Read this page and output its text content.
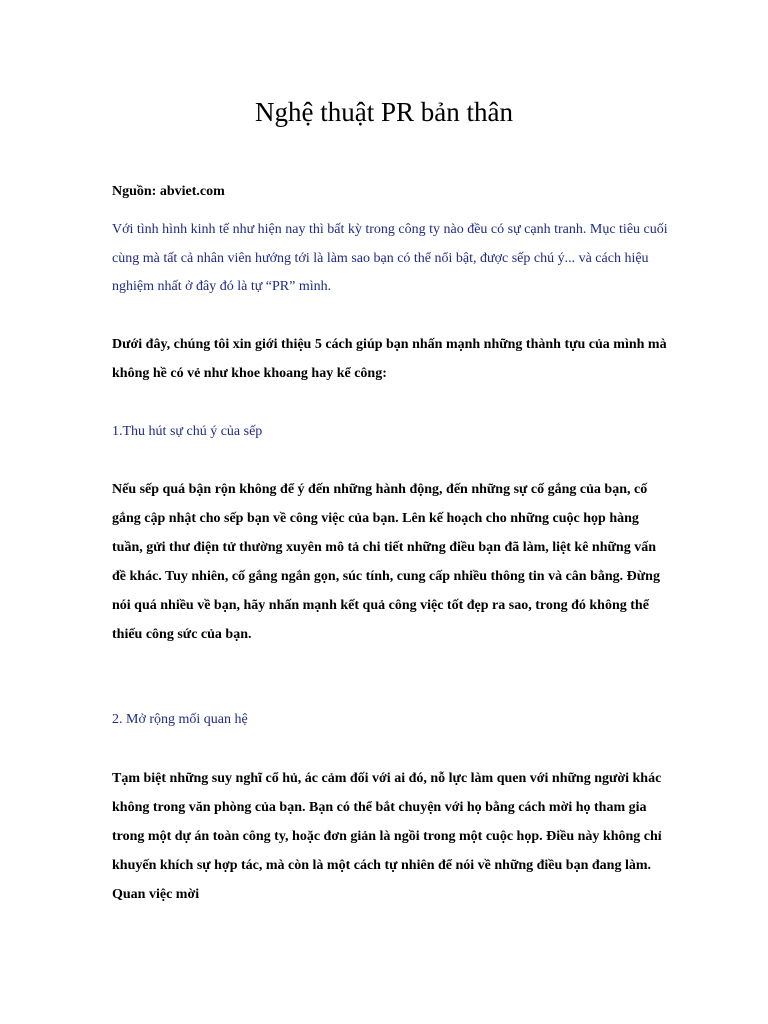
Nghệ thuật PR bản thân

Nguồn: abviet.com

Với tình hình kinh tế như hiện nay thì bất kỳ trong công ty nào đều có sự cạnh tranh. Mục tiêu cuối cùng mà tất cả nhân viên hướng tới là làm sao bạn có thể nổi bật, được sếp chú ý... và cách hiệu nghiệm nhất ở đây đó là tự “PR” mình.

Dưới đây, chúng tôi xin giới thiệu 5 cách giúp bạn nhấn mạnh những thành tựu của mình mà không hề có vẻ như khoe khoang hay kể công:

1.Thu hút sự chú ý của sếp

Nếu sếp quá bận rộn không để ý đến những hành động, đến những sự cố gắng của bạn, cố gắng cập nhật cho sếp bạn về công việc của bạn. Lên kế hoạch cho những cuộc họp hàng tuần, gửi thư điện tử thường xuyên mô tả chi tiết những điều bạn đã làm, liệt kê những vấn đề khác. Tuy nhiên, cố gắng ngắn gọn, súc tính, cung cấp nhiều thông tin và cân bằng. Đừng nói quá nhiều về bạn, hãy nhấn mạnh kết quả công việc tốt đẹp ra sao, trong đó không thể thiếu công sức của bạn.

2. Mở rộng mối quan hệ

Tạm biệt những suy nghĩ cổ hủ, ác cảm đối với ai đó, nỗ lực làm quen với những người khác không trong văn phòng của bạn. Bạn có thể bắt chuyện với họ bằng cách mời họ tham gia trong một dự án toàn công ty, hoặc đơn giản là ngồi trong một cuộc họp. Điều này không chỉ khuyến khích sự hợp tác, mà còn là một cách tự nhiên để nói về những điều bạn đang làm. Quan việc mời
